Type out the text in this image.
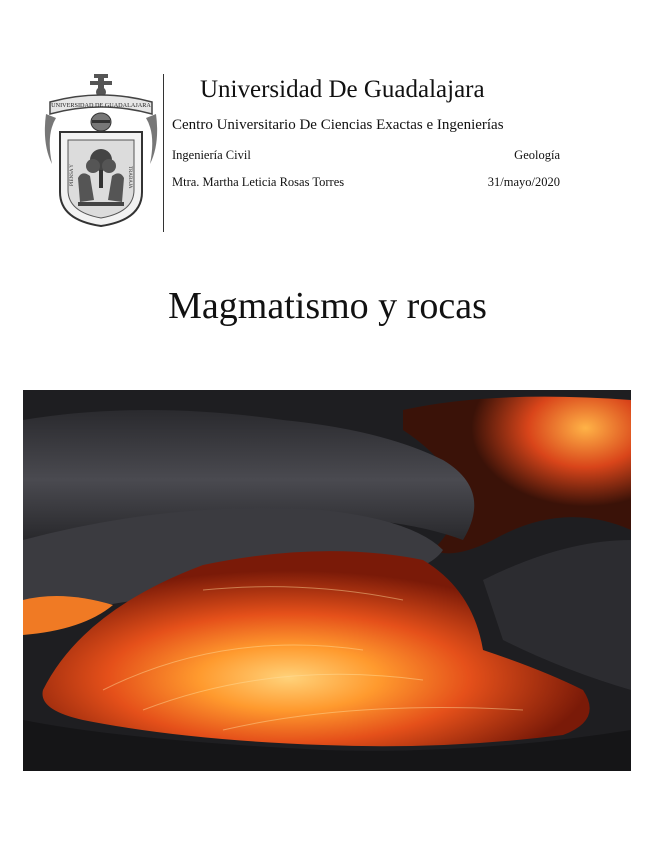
UNIVERSIDAD DE GUADALAJARA
PIENSA Y	TRABAJA
Universidad De Guadalajara
Centro Universitario De Ciencias Exactas e Ingenierías
Ingeniería Civil	Geología
Mtra. Martha Leticia Rosas Torres	31/mayo/2020
Magmatismo y rocas
